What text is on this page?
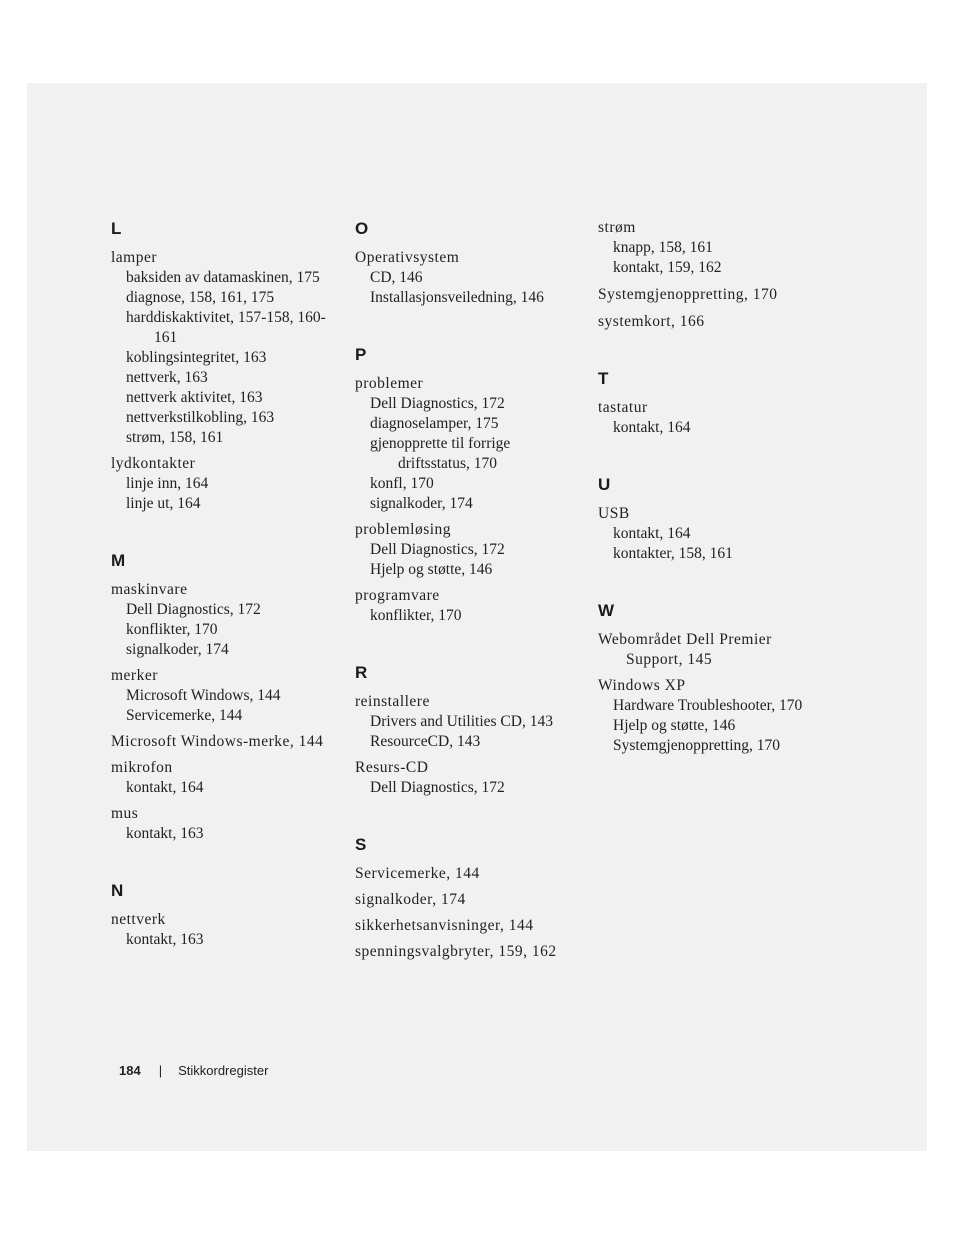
L
lamper
baksiden av datamaskinen, 175
diagnose, 158, 161, 175
harddiskaktivitet, 157-158, 160-161
koblingsintegritet, 163
nettverk, 163
nettverk aktivitet, 163
nettverkstilkobling, 163
strøm, 158, 161
lydkontakter
linje inn, 164
linje ut, 164
M
maskinvare
Dell Diagnostics, 172
konflikter, 170
signalkoder, 174
merker
Microsoft Windows, 144
Servicemerke, 144
Microsoft Windows-merke, 144
mikrofon
kontakt, 164
mus
kontakt, 163
N
nettverk
kontakt, 163
O
Operativsystem
CD, 146
Installasjonsveiledning, 146
P
problemer
Dell Diagnostics, 172
diagnoselamper, 175
gjenopprette til forrige driftsstatus, 170
konfl, 170
signalkoder, 174
problemløsing
Dell Diagnostics, 172
Hjelp og støtte, 146
programvare
konflikter, 170
R
reinstallere
Drivers and Utilities CD, 143
ResourceCD, 143
Resurs-CD
Dell Diagnostics, 172
S
Servicemerke, 144
signalkoder, 174
sikkerhetsanvisninger, 144
spenningsvalgbryter, 159, 162
strøm
knapp, 158, 161
kontakt, 159, 162
Systemgjenoppretting, 170
systemkort, 166
T
tastatur
kontakt, 164
U
USB
kontakt, 164
kontakter, 158, 161
W
Webområdet Dell Premier Support, 145
Windows XP
Hardware Troubleshooter, 170
Hjelp og støtte, 146
Systemgjenoppretting, 170
184 | Stikkordregister
